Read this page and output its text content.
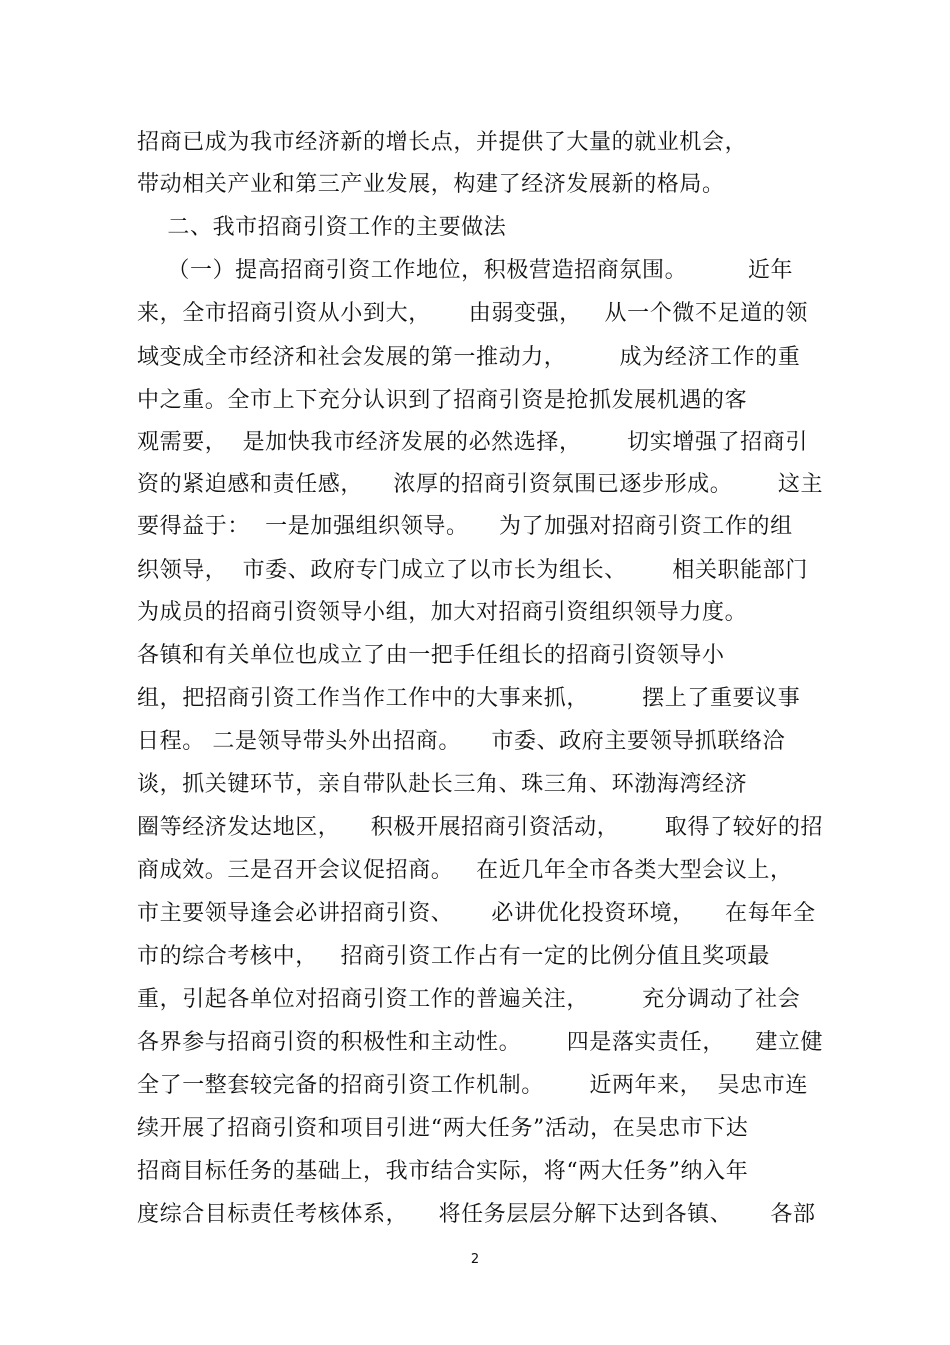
招商已成为我市经济新的增长点，并提供了大量的就业机会，
带动相关产业和第三产业发展，构建了经济发展新的格局。
二、我市招商引资工作的主要做法
（一）提高招商引资工作地位，积极营造招商氛围。        近年
来，全市招商引资从小到大，     由弱变强，   从一个微不足道的领
域变成全市经济和社会发展的第一推动力，       成为经济工作的重
中之重。全市上下充分认识到了招商引资是抢抓发展机遇的客
观需要，  是加快我市经济发展的必然选择，      切实增强了招商引
资的紧迫感和责任感，    浓厚的招商引资氛围已逐步形成。      这主
要得益于：  一是加强组织领导。    为了加强对招商引资工作的组
织领导，  市委、政府专门成立了以市长为组长、      相关职能部门
为成员的招商引资领导小组，加大对招商引资组织领导力度。
各镇和有关单位也成立了由一把手任组长的招商引资领导小
组，把招商引资工作当作工作中的大事来抓，       摆上了重要议事
日程。 二是领导带头外出招商。    市委、政府主要领导抓联络洽
谈，抓关键环节，亲自带队赴长三角、珠三角、环渤海湾经济
圈等经济发达地区，    积极开展招商引资活动，      取得了较好的招
商成效。三是召开会议促招商。   在近几年全市各类大型会议上，
市主要领导逢会必讲招商引资、     必讲优化投资环境，    在每年全
市的综合考核中，   招商引资工作占有一定的比例分值且奖项最
重，引起各单位对招商引资工作的普遍关注，       充分调动了社会
各界参与招商引资的积极性和主动性。      四是落实责任，    建立健
全了一整套较完备的招商引资工作机制。      近两年来，  吴忠市连
续开展了招商引资和项目引进“两大任务”活动，在吴忠市下达
招商目标任务的基础上，我市结合实际，将“两大任务”纳入年
度综合目标责任考核体系，    将任务层层分解下达到各镇、     各部
2
